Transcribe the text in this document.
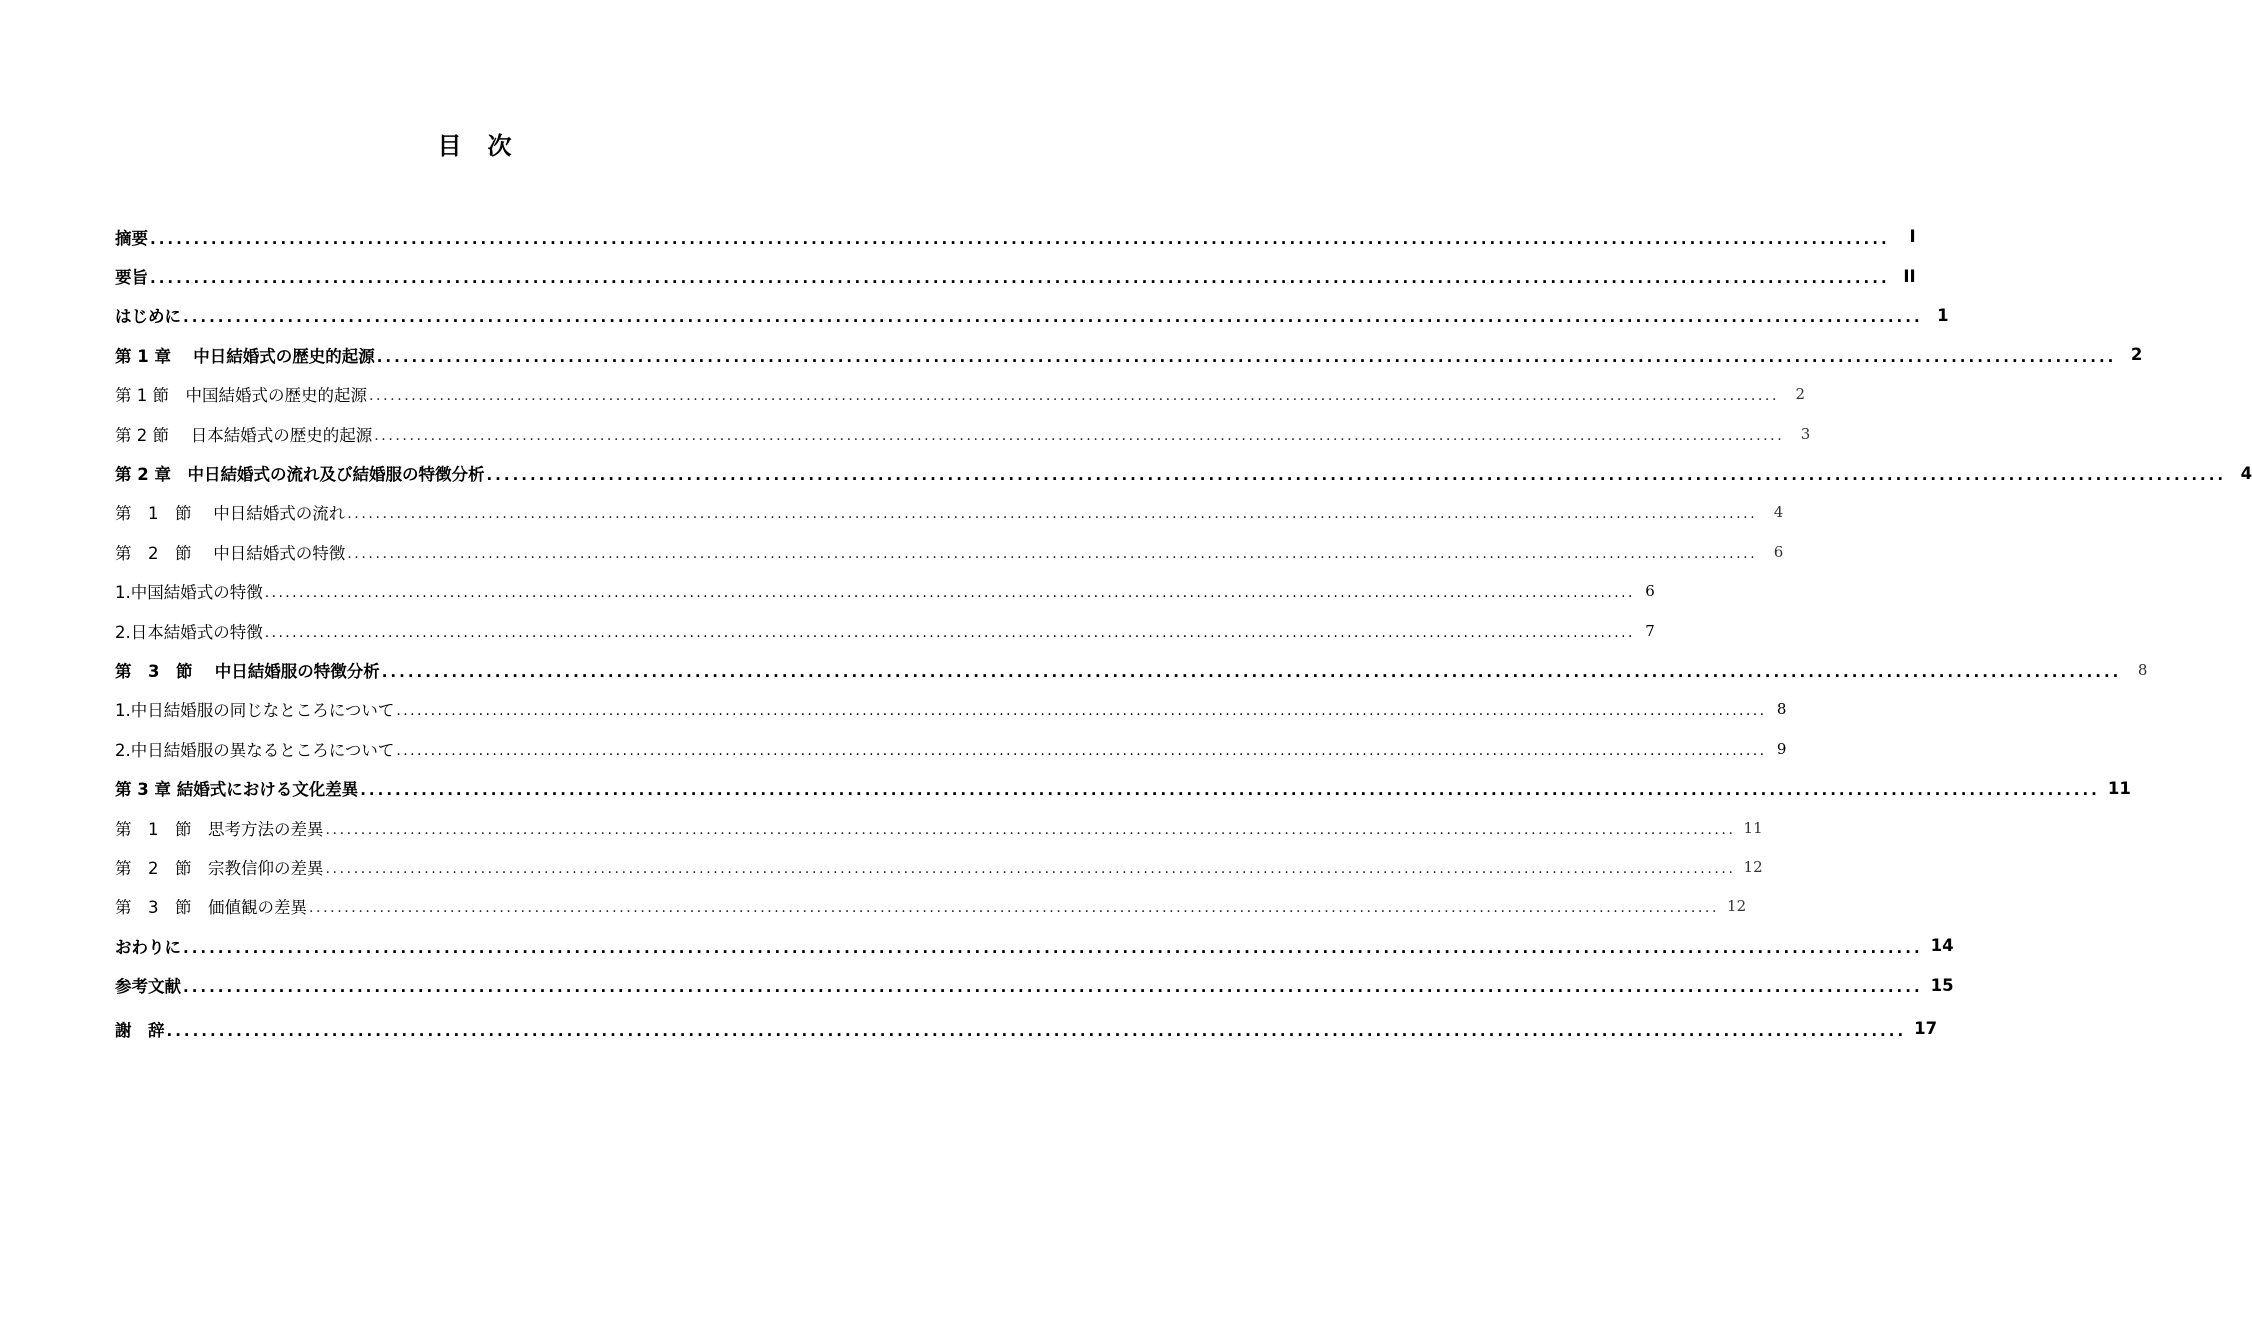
目　次
摘要 ........................................................................................................................................................................................................	I
要旨 ........................................................................................................................................................................................................ II
はじめに ........................................................................................................................................................................................................ 1
第 1 章　 中日結婚式の歴史的起源 ........................................................................................................................................................................................................ 2
第 1 節　中国結婚式の歴史的起源 ........................................................................................................................................................................................................	2
第 2 節　 日本結婚式の歴史的起源 ........................................................................................................................................................................................................	3
第 2 章　中日結婚式の流れ及び結婚服の特徴分析 ........................................................................................................................................................................................................ 4
第　1　節　 中日結婚式の流れ ........................................................................................................................................................................................................	4
第　2　節　 中日結婚式の特徴 ........................................................................................................................................................................................................	6
1.中国結婚式の特徴 ........................................................................................................................................................................................................ 6
2.日本結婚式の特徴 ........................................................................................................................................................................................................ 7
第　3　節　 中日結婚服の特徴分析 ........................................................................................................................................................................................................	8
1.中日結婚服の同じなところについて ........................................................................................................................................................................................................ 8
2.中日結婚服の異なるところについて ........................................................................................................................................................................................................ 9
第 3 章 結婚式における文化差異 ........................................................................................................................................................................................................ 11
第　1　節　思考方法の差異 ........................................................................................................................................................................................................ 11
第　2　節　宗教信仰の差異 ........................................................................................................................................................................................................ 12
第　3　節　価値観の差異 ........................................................................................................................................................................................................ 12
おわりに ........................................................................................................................................................................................................ 14
参考文献 ........................................................................................................................................................................................................ 15
謝　辞 ........................................................................................................................................................................................................ 17
